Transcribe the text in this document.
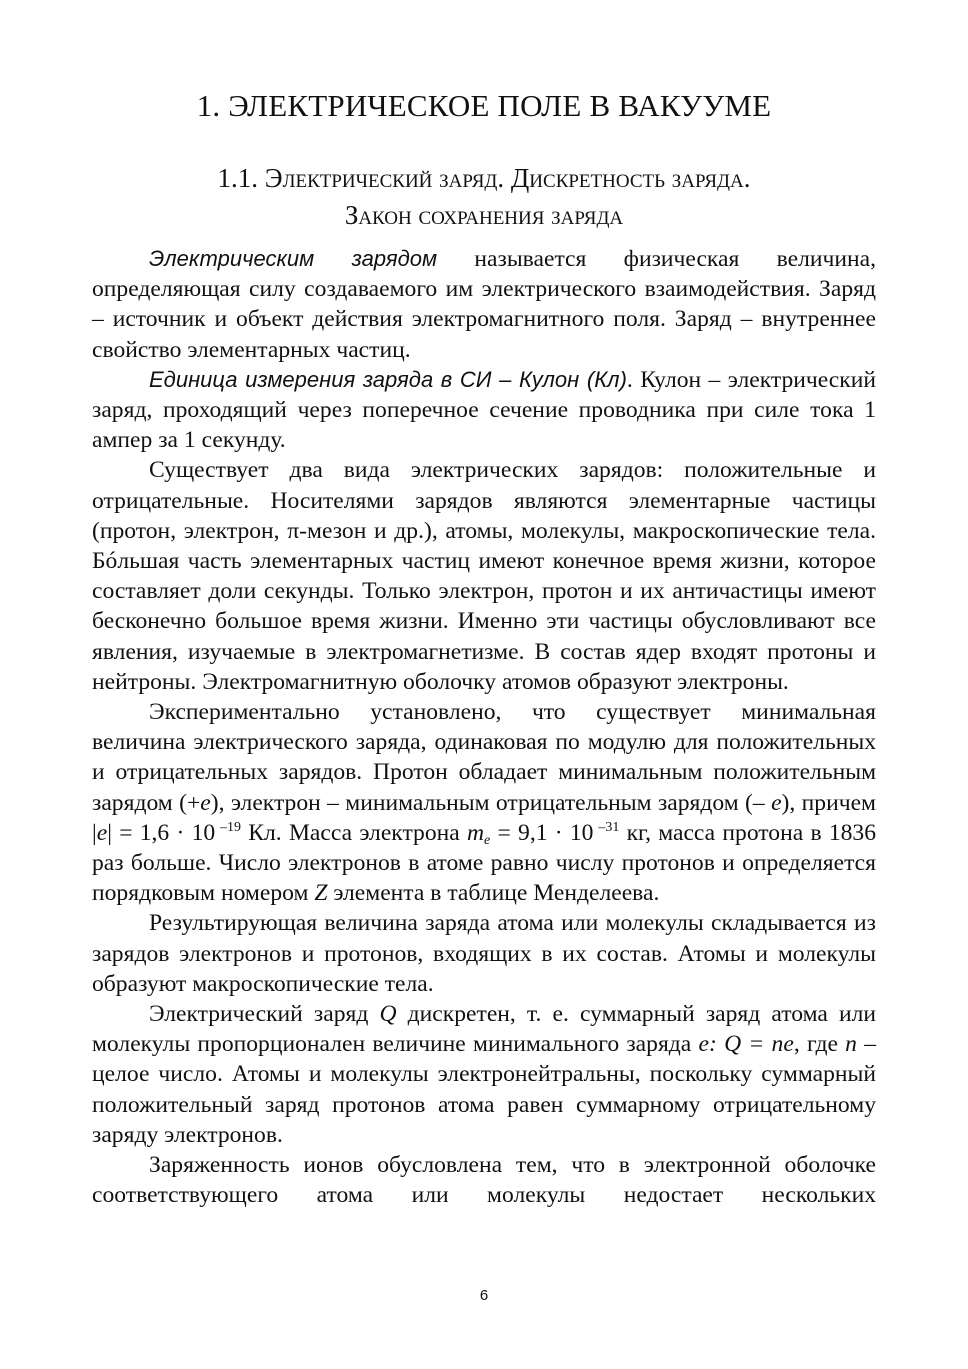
1. ЭЛЕКТРИЧЕСКОЕ ПОЛЕ В ВАКУУМЕ
1.1. Электрический заряд. Дискретность заряда.
Закон сохранения заряда

Электрическим зарядом называется физическая величина, определяющая силу создаваемого им электрического взаимодействия. Заряд – источник и объект действия электромагнитного поля. Заряд – внутреннее свойство элементарных частиц.

Единица измерения заряда в СИ – Кулон (Кл). Кулон – электрический заряд, проходящий через поперечное сечение проводника при силе тока 1 ампер за 1 секунду.

Существует два вида электрических зарядов: положительные и отрицательные. Носителями зарядов являются элементарные частицы (протон, электрон, π-мезон и др.), атомы, молекулы, макроскопические тела. Бóльшая часть элементарных частиц имеют конечное время жизни, которое составляет доли секунды. Только электрон, протон и их античастицы имеют бесконечно большое время жизни. Именно эти частицы обусловливают все явления, изучаемые в электромагнетизме. В состав ядер входят протоны и нейтроны. Электромагнитную оболочку атомов образуют электроны.

Экспериментально установлено, что существует минимальная величина электрического заряда, одинаковая по модулю для положительных и отрицательных зарядов. Протон обладает минимальным положительным зарядом (+e), электрон – минимальным отрицательным зарядом (– e), причем |e| = 1,6 · 10 $^{-19}$ Кл. Масса электрона $m_e = 9,1 \cdot 10$ $^{-31}$ кг, масса протона в 1836 раз больше. Число электронов в атоме равно числу протонов и определяется порядковым номером Z элемента в таблице Менделеева.

Результирующая величина заряда атома или молекулы складывается из зарядов электронов и протонов, входящих в их состав. Атомы и молекулы образуют макроскопические тела.

Электрический заряд Q дискретен, т. е. суммарный заряд атома или молекулы пропорционален величине минимального заряда e: Q = ne, где n – целое число. Атомы и молекулы электронейтральны, поскольку суммарный положительный заряд протонов атома равен суммарному отрицательному заряду электронов.

Заряженность ионов обусловлена тем, что в электронной оболочке соответствующего атома или молекулы недостает нескольких

6
